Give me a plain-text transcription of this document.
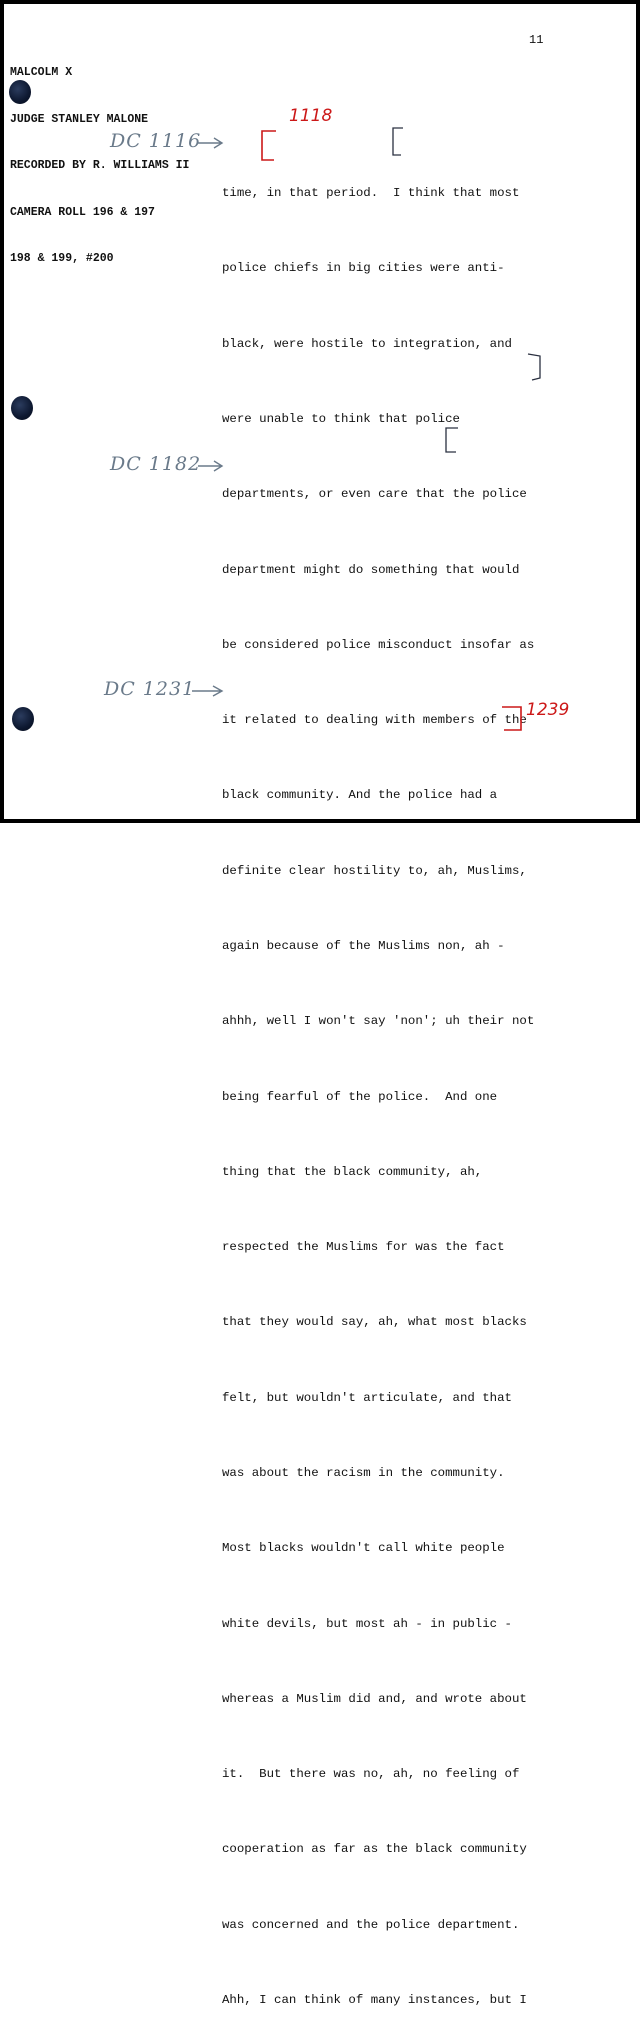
MALCOLM X

JUDGE STANLEY MALONE

RECORDED BY R. WILLIAMS II

CAMERA ROLL 196 & 197

198 & 199, #200

11

time, in that period.  I think that most

police chiefs in big cities were anti-

black, were hostile to integration, and

were unable to think that police

departments, or even care that the police

department might do something that would

be considered police misconduct insofar as

it related to dealing with members of the

black community. And the police had a

definite clear hostility to, ah, Muslims,

again because of the Muslims non, ah -

ahhh, well I won't say 'non'; uh their not

being fearful of the police.  And one

thing that the black community, ah,

respected the Muslims for was the fact

that they would say, ah, what most blacks

felt, but wouldn't articulate, and that

was about the racism in the community.

Most blacks wouldn't call white people

white devils, but most ah - in public -

whereas a Muslim did and, and wrote about

it.  But there was no, ah, no feeling of

cooperation as far as the black community

was concerned and the police department.

Ahh, I can think of many instances, but I

DC 1116
DC 1182
DC 1231
1118
1239
